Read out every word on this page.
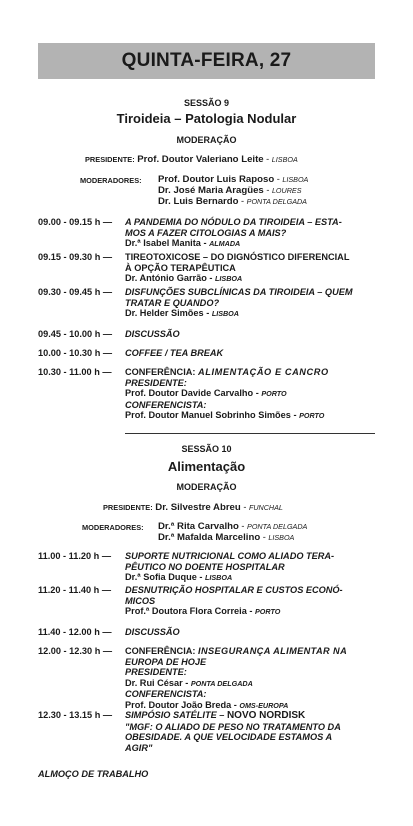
QUINTA-FEIRA, 27
SESSÃO 9
Tiroideia – Patologia Nodular
MODERAÇÃO
PRESIDENTE: Prof. Doutor Valeriano Leite - LISBOA
MODERADORES: Prof. Doutor Luis Raposo - LISBOA
Dr. José Maria Aragües - LOURES
Dr. Luis Bernardo - PONTA DELGADA
09.00 - 09.15 h — A PANDEMIA DO NÓDULO DA TIROIDEIA – ESTA-
MOS A FAZER CITOLOGIAS A MAIS?
Dr.ª Isabel Manita - ALMADA
09.15 - 09.30 h — TIREOTOXICOSE – DO DIGNÓSTICO DIFERENCIAL
À OPÇÃO TERAPÊUTICA
Dr. António Garrão - LISBOA
09.30 - 09.45 h — DISFUNÇÕES SUBCLÍNICAS DA TIROIDEIA – QUEM
TRATAR E QUANDO?
Dr. Helder Simões - LISBOA
09.45 - 10.00 h — DISCUSSÃO
10.00 - 10.30 h — COFFEE / TEA BREAK
10.30 - 11.00 h — CONFERÊNCIA: ALIMENTAÇÃO E CANCRO
PRESIDENTE:
Prof. Doutor Davide Carvalho - PORTO
CONFERENCISTA:
Prof. Doutor Manuel Sobrinho Simões - PORTO
SESSÃO 10
Alimentação
MODERAÇÃO
PRESIDENTE: Dr. Silvestre Abreu - FUNCHAL
MODERADORES: Dr.ª Rita Carvalho - PONTA DELGADA
Dr.ª Mafalda Marcelino - LISBOA
11.00 - 11.20 h — SUPORTE NUTRICIONAL COMO ALIADO TERA-
PÊUTICO NO DOENTE HOSPITALAR
Dr.ª Sofia Duque - LISBOA
11.20 - 11.40 h — DESNUTRIÇÃO HOSPITALAR E CUSTOS ECONÓ-
MICOS
Prof.ª Doutora Flora Correia - PORTO
11.40 - 12.00 h — DISCUSSÃO
12.00 - 12.30 h — CONFERÊNCIA: INSEGURANÇA ALIMENTAR NA
EUROPA DE HOJE
PRESIDENTE:
Dr. Rui César - PONTA DELGADA
CONFERENCISTA:
Prof. Doutor João Breda - OMS-EUROPA
12.30 - 13.15 h — SIMPÓSIO SATÉLITE – NOVO NORDISK
"MGF: O ALIADO DE PESO NO TRATAMENTO DA
OBESIDADE. A QUE VELOCIDADE ESTAMOS A
AGIR"
ALMOÇO DE TRABALHO
